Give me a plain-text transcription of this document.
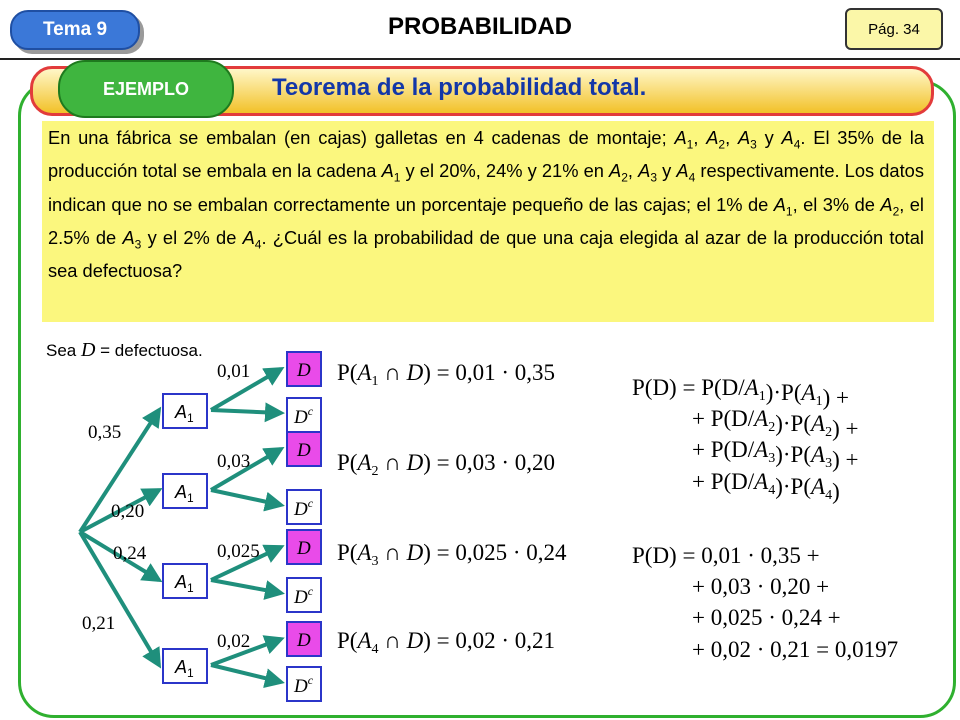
Tema 9	PROBABILIDAD	Pág. 34
EJEMPLO	Teorema de la probabilidad total.
En una fábrica se embalan (en cajas) galletas en 4 cadenas de montaje; $A_1$, $A_2$, $A_3$ y $A_4$. El 35% de la producción total se embala en la cadena $A_1$ y el 20%, 24% y 21% en $A_2$, $A_3$ y $A_4$ respectivamente. Los datos indican que no se embalan correctamente un porcentaje pequeño de las cajas; el 1% de $A_1$, el 3% de $A_2$, el 2.5% de $A_3$ y el 2% de $A_4$. ¿Cuál es la probabilidad de que una caja elegida al azar de la producción total sea defectuosa?
Sea D = defectuosa.
0,35
0,20
0,24
0,21
$A_1$
D
$D^c$
0,01
$A_1$
D
$D^c$
0,03
$A_1$
D
$D^c$
0,025
$A_1$
D
$D^c$
0,02
$P(A_1$ ∩ D) = 0,01 · 0,35
$P(A_2$ ∩ D) = 0,03 · 0,20
$P(A_3$ ∩ D) = 0,025 · 0,24
$P(A_4$ ∩ D) = 0,02 · 0,21
$P(D) = P(D/A_1)\cdot P(A_1)$ +
+ $P(D/A_2)\cdot P(A_2)$ +
+ $P(D/A_3)\cdot P(A_3)$ +
+ $P(D/A_4)\cdot P(A_4)$
P(D) = 0,01 · 0,35 +
+ 0,03 · 0,20 +
+ 0,025 · 0,24 +
+ 0,02 · 0,21 = 0,0197
